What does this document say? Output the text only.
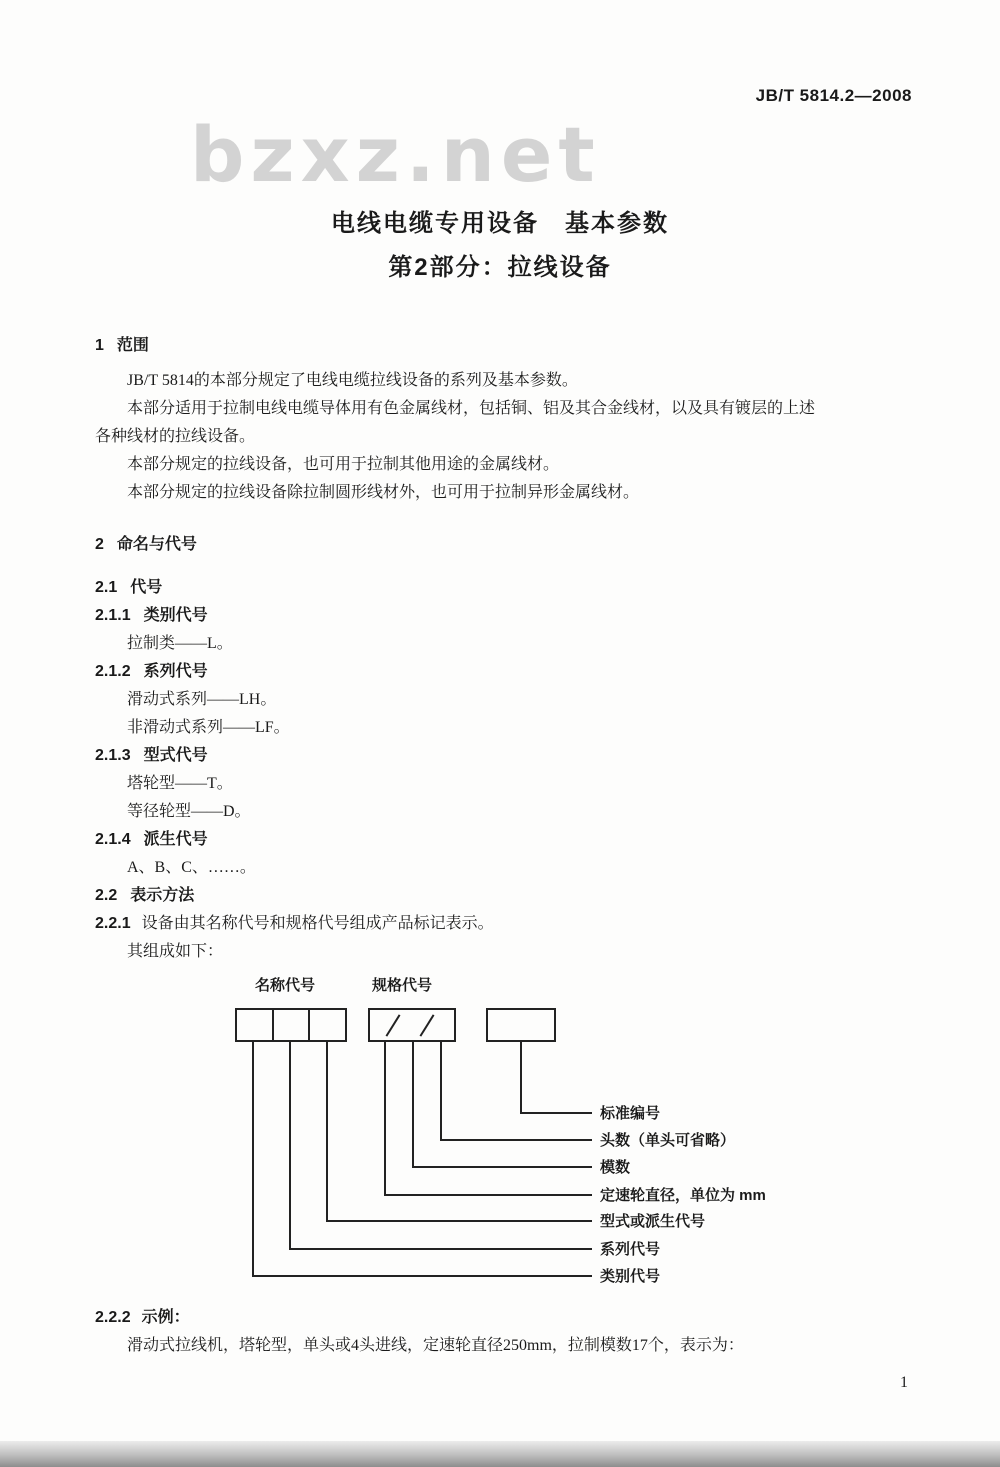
JB/T 5814.2—2008
bzxz.net
电线电缆专用设备　基本参数
第2部分：拉线设备
1 范围
JB/T 5814的本部分规定了电线电缆拉线设备的系列及基本参数。
本部分适用于拉制电线电缆导体用有色金属线材，包括铜、铝及其合金线材，以及具有镀层的上述
各种线材的拉线设备。
本部分规定的拉线设备，也可用于拉制其他用途的金属线材。
本部分规定的拉线设备除拉制圆形线材外，也可用于拉制异形金属线材。
2 命名与代号
2.1 代号
2.1.1 类别代号
拉制类——L。
2.1.2 系列代号
滑动式系列——LH。
非滑动式系列——LF。
2.1.3 型式代号
塔轮型——T。
等径轮型——D。
2.1.4 派生代号
A、B、C、……。
2.2 表示方法
2.2.1 设备由其名称代号和规格代号组成产品标记表示。
其组成如下：
名称代号	规格代号
标准编号
头数（单头可省略）
模数
定速轮直径，单位为 mm
型式或派生代号
系列代号
类别代号
2.2.2 示例：
滑动式拉线机，塔轮型，单头或4头进线，定速轮直径250mm，拉制模数17个，表示为：
1
